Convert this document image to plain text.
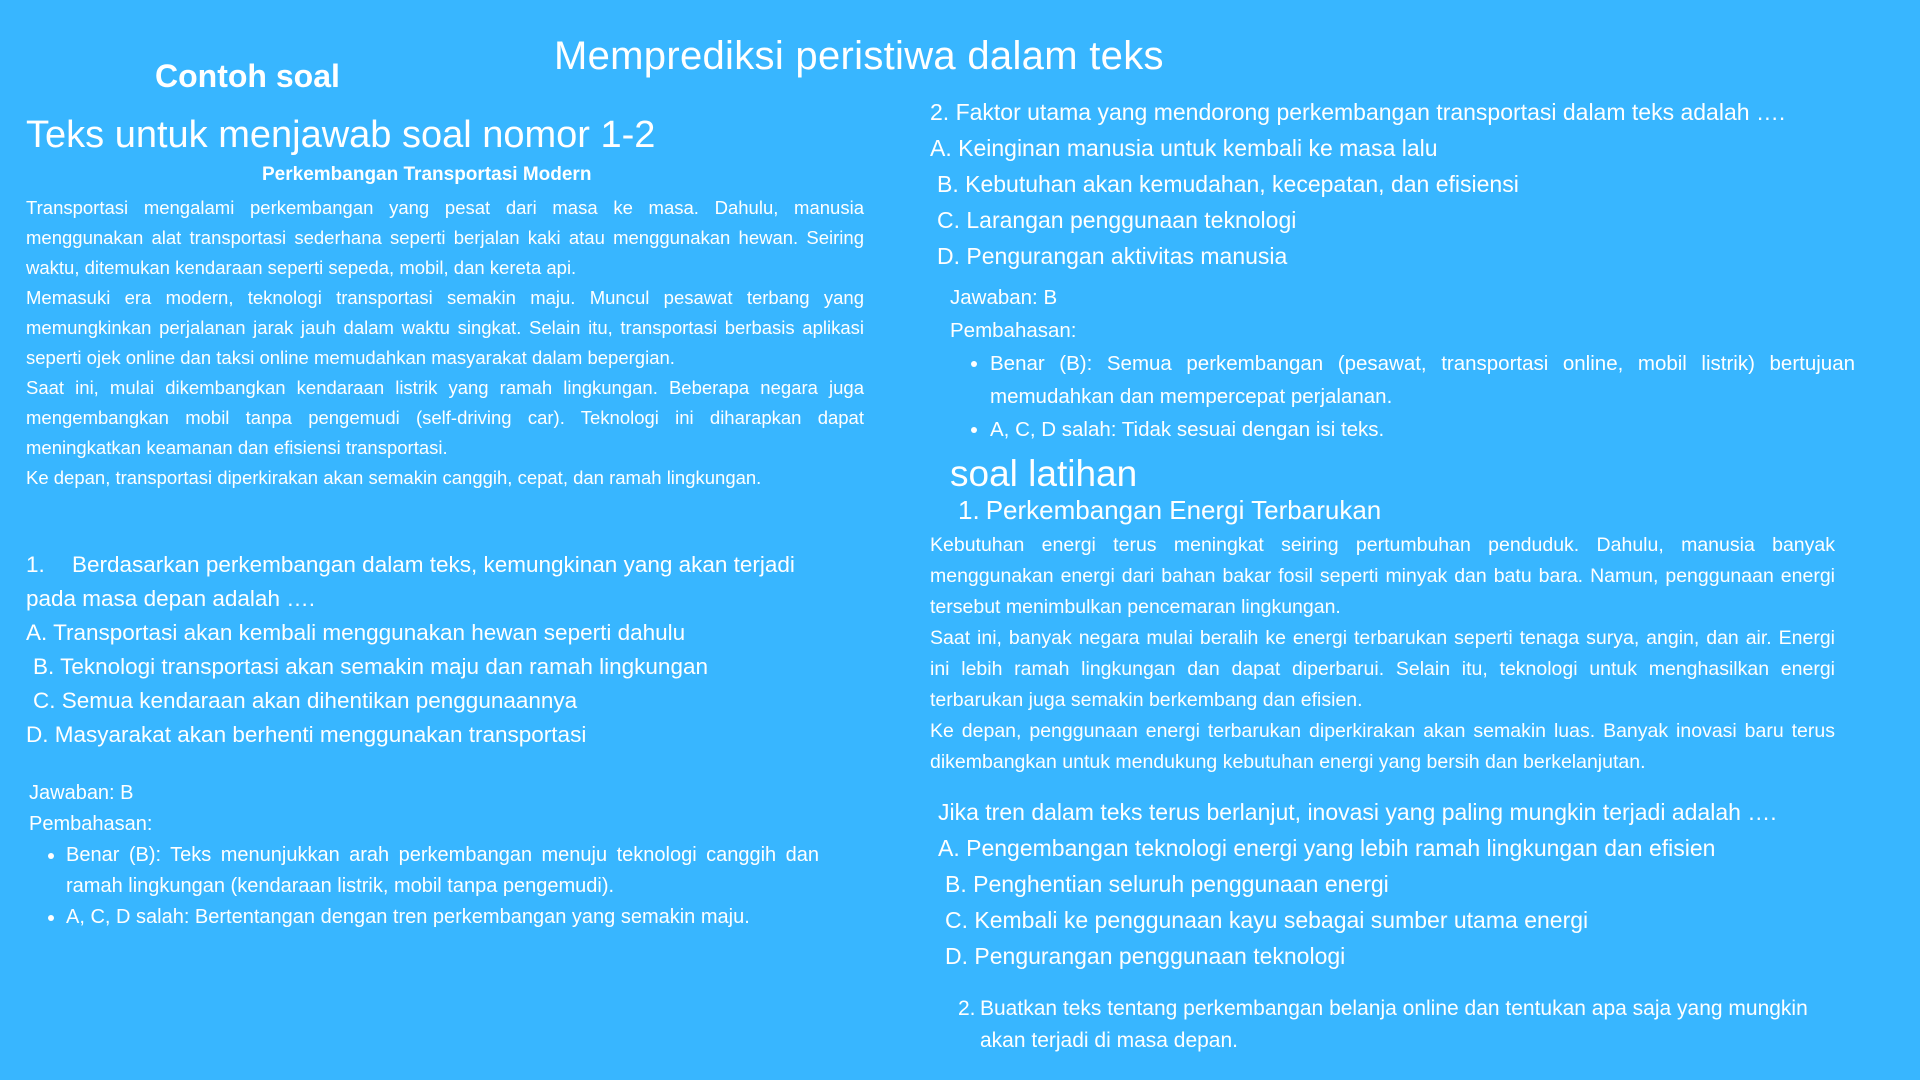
Memprediksi peristiwa dalam teks
Contoh soal
Teks untuk menjawab soal nomor 1-2
Perkembangan Transportasi Modern

Transportasi mengalami perkembangan yang pesat dari masa ke masa. Dahulu, manusia menggunakan alat transportasi sederhana seperti berjalan kaki atau menggunakan hewan. Seiring waktu, ditemukan kendaraan seperti sepeda, mobil, dan kereta api.

Memasuki era modern, teknologi transportasi semakin maju. Muncul pesawat terbang yang memungkinkan perjalanan jarak jauh dalam waktu singkat. Selain itu, transportasi berbasis aplikasi seperti ojek online dan taksi online memudahkan masyarakat dalam bepergian.

Saat ini, mulai dikembangkan kendaraan listrik yang ramah lingkungan. Beberapa negara juga mengembangkan mobil tanpa pengemudi (self-driving car). Teknologi ini diharapkan dapat meningkatkan keamanan dan efisiensi transportasi.

Ke depan, transportasi diperkirakan akan semakin canggih, cepat, dan ramah lingkungan.

1. Berdasarkan perkembangan dalam teks, kemungkinan yang akan terjadi pada masa depan adalah ….

A. Transportasi akan kembali menggunakan hewan seperti dahulu

B. Teknologi transportasi akan semakin maju dan ramah lingkungan

C. Semua kendaraan akan dihentikan penggunaannya

D. Masyarakat akan berhenti menggunakan transportasi

Jawaban: B

Pembahasan:

• Benar (B): Teks menunjukkan arah perkembangan menuju teknologi canggih dan ramah lingkungan (kendaraan listrik, mobil tanpa pengemudi).
• A, C, D salah: Bertentangan dengan tren perkembangan yang semakin maju.

2. Faktor utama yang mendorong perkembangan transportasi dalam teks adalah ….

A. Keinginan manusia untuk kembali ke masa lalu

B. Kebutuhan akan kemudahan, kecepatan, dan efisiensi

C. Larangan penggunaan teknologi

D. Pengurangan aktivitas manusia

Jawaban: B

Pembahasan:

• Benar (B): Semua perkembangan (pesawat, transportasi online, mobil listrik) bertujuan memudahkan dan mempercepat perjalanan.
• A, C, D salah: Tidak sesuai dengan isi teks.
soal latihan
1. Perkembangan Energi Terbarukan

Kebutuhan energi terus meningkat seiring pertumbuhan penduduk. Dahulu, manusia banyak menggunakan energi dari bahan bakar fosil seperti minyak dan batu bara. Namun, penggunaan energi tersebut menimbulkan pencemaran lingkungan.

Saat ini, banyak negara mulai beralih ke energi terbarukan seperti tenaga surya, angin, dan air. Energi ini lebih ramah lingkungan dan dapat diperbarui. Selain itu, teknologi untuk menghasilkan energi terbarukan juga semakin berkembang dan efisien.

Ke depan, penggunaan energi terbarukan diperkirakan akan semakin luas. Banyak inovasi baru terus dikembangkan untuk mendukung kebutuhan energi yang bersih dan berkelanjutan.

Jika tren dalam teks terus berlanjut, inovasi yang paling mungkin terjadi adalah ….

A. Pengembangan teknologi energi yang lebih ramah lingkungan dan efisien

B. Penghentian seluruh penggunaan energi

C. Kembali ke penggunaan kayu sebagai sumber utama energi

D. Pengurangan penggunaan teknologi

2. Buatkan teks tentang perkembangan belanja online dan tentukan apa saja yang mungkin akan terjadi di masa depan.
